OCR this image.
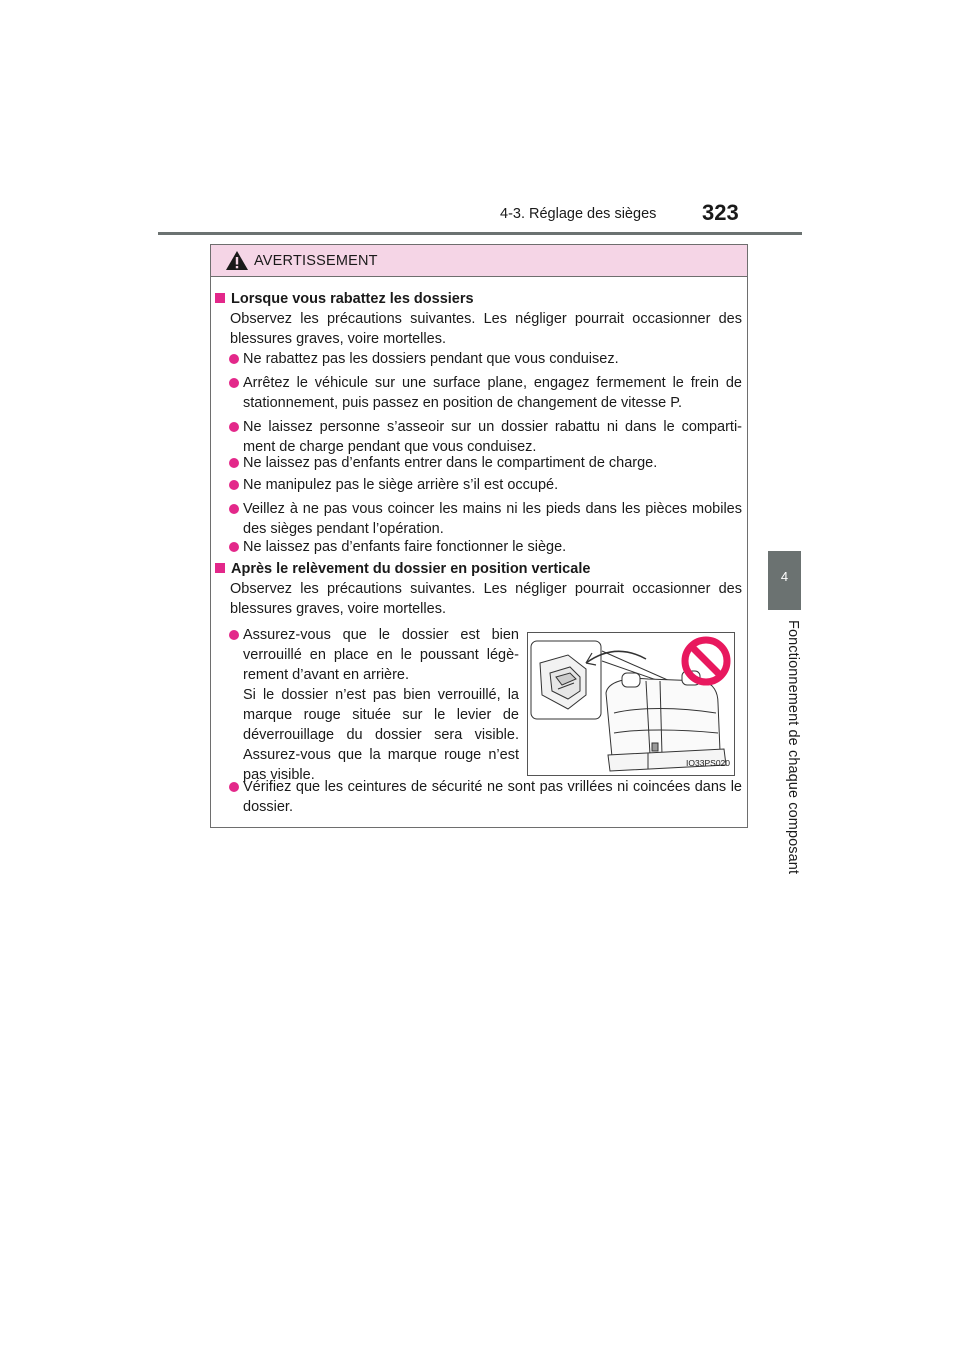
4-3. Réglage des sièges 323
4
Fonctionnement de chaque composant
AVERTISSEMENT
Lorsque vous rabattez les dossiers
Observez les précautions suivantes. Les négliger pourrait occasionner des blessures graves, voire mortelles.
Ne rabattez pas les dossiers pendant que vous conduisez.
Arrêtez le véhicule sur une surface plane, engagez fermement le frein de stationnement, puis passez en position de changement de vitesse P.
Ne laissez personne s’asseoir sur un dossier rabattu ni dans le comparti-ment de charge pendant que vous conduisez.
Ne laissez pas d’enfants entrer dans le compartiment de charge.
Ne manipulez pas le siège arrière s’il est occupé.
Veillez à ne pas vous coincer les mains ni les pieds dans les pièces mobiles des sièges pendant l’opération.
Ne laissez pas d’enfants faire fonctionner le siège.
Après le relèvement du dossier en position verticale
Observez les précautions suivantes. Les négliger pourrait occasionner des blessures graves, voire mortelles.
Assurez-vous que le dossier est bien verrouillé en place en le poussant légè-rement d’avant en arrière.
Si le dossier n’est pas bien verrouillé, la marque rouge située sur le levier de déverrouillage du dossier sera visible. Assurez-vous que la marque rouge n’est pas visible.
IO33PS020
Vérifiez que les ceintures de sécurité ne sont pas vrillées ni coincées dans le dossier.
